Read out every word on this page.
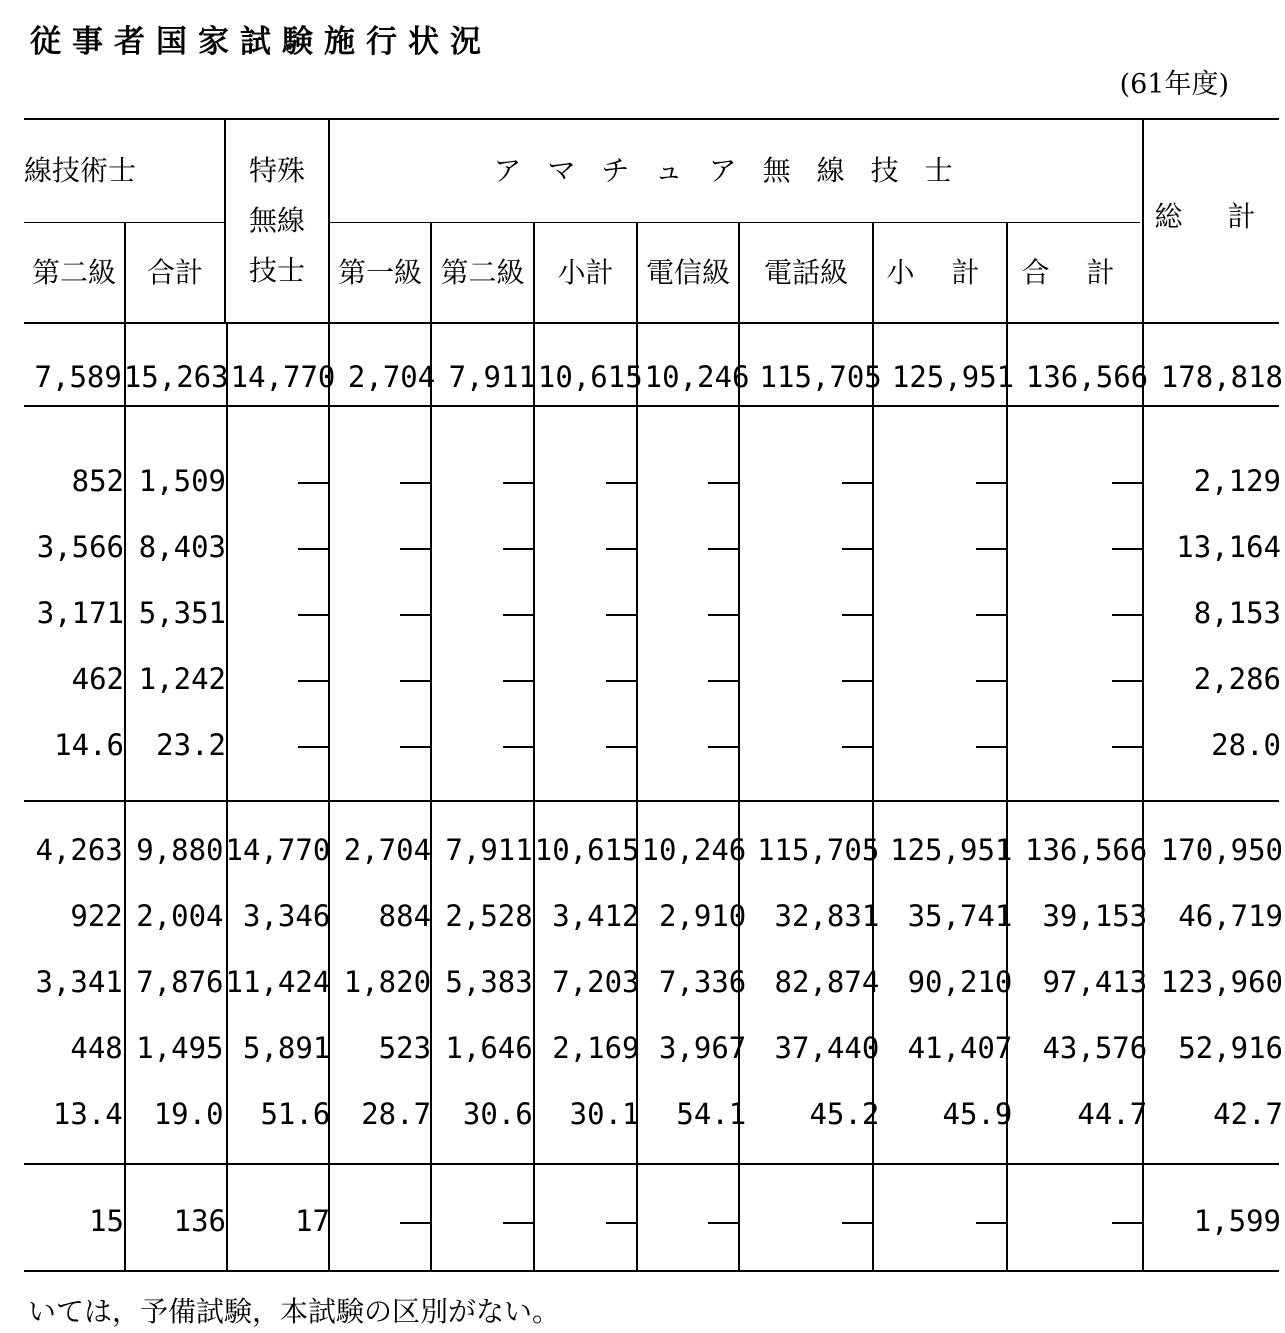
従事者国家試験施行状況
(61年度)
線技術士	特殊
無線
技士
アマチュア無線技士
総 計
第二級	合計	第一級 第二級	小計	電信級	電話級	小 計	合 計
7,589	15,263	14,770	2,704	7,911	10,615	10,246	115,705	125,951	136,566	178,818
852	1,509									2,129
3,566	8,403									13,164
3,171	5,351									8,153
462	1,242									2,286
14.6	23.2									28.0
4,263	9,880	14,770	2,704	7,911	10,615	10,246	115,705	125,951	136,566	170,950
922	2,004	3,346	884	2,528	3,412	2,910	32,831	35,741	39,153	46,719
3,341	7,876	11,424	1,820	5,383	7,203	7,336	82,874	90,210	97,413	123,960
448	1,495	5,891	523	1,646	2,169	3,967	37,440	41,407	43,576	52,916
13.4	19.0	51.6	28.7	30.6	30.1	54.1	45.2	45.9	44.7	42.7
15	136	17								1,599
いては，予備試験，本試験の区別がない。
